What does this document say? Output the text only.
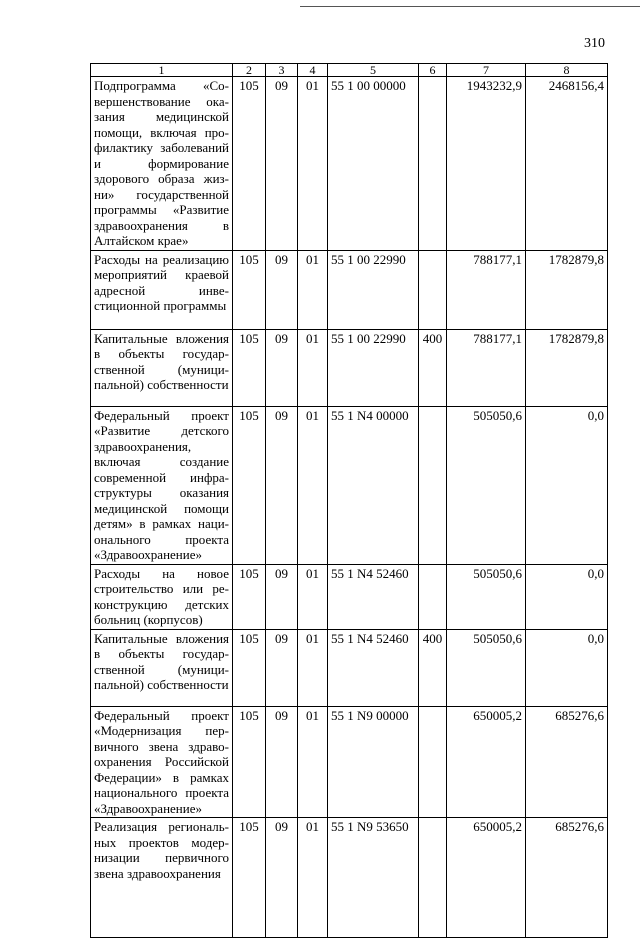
310
1	2	3	4	5	6	7	8
Подпрограмма «Совершенствование оказания медицинской помощи, включая профилактику заболеваний и формирование здорового образа жизни» государственной программы «Развитие здравоохранения в Алтайском крае»	105	09	01	55 1 00 00000		1943232,9	2468156,4
Расходы на реализацию мероприятий краевой адресной инвестиционной программы	105	09	01	55 1 00 22990		788177,1	1782879,8
Капитальные вложения в объекты государственной (муниципальной) собственности	105	09	01	55 1 00 22990	400	788177,1	1782879,8
Федеральный проект «Развитие детского здравоохранения, включая создание современной инфраструктуры оказания медицинской помощи детям» в рамках национального проекта «Здравоохранение»	105	09	01	55 1 N4 00000		505050,6	0,0
Расходы на новое строительство или реконструкцию детских больниц (корпусов)	105	09	01	55 1 N4 52460		505050,6	0,0
Капитальные вложения в объекты государственной (муниципальной) собственности	105	09	01	55 1 N4 52460	400	505050,6	0,0
Федеральный проект «Модернизация первичного звена здравоохранения Российской Федерации» в рамках национального проекта «Здравоохранение»	105	09	01	55 1 N9 00000		650005,2	685276,6
Реализация региональных проектов модернизации первичного звена здравоохранения	105	09	01	55 1 N9 53650		650005,2	685276,6
